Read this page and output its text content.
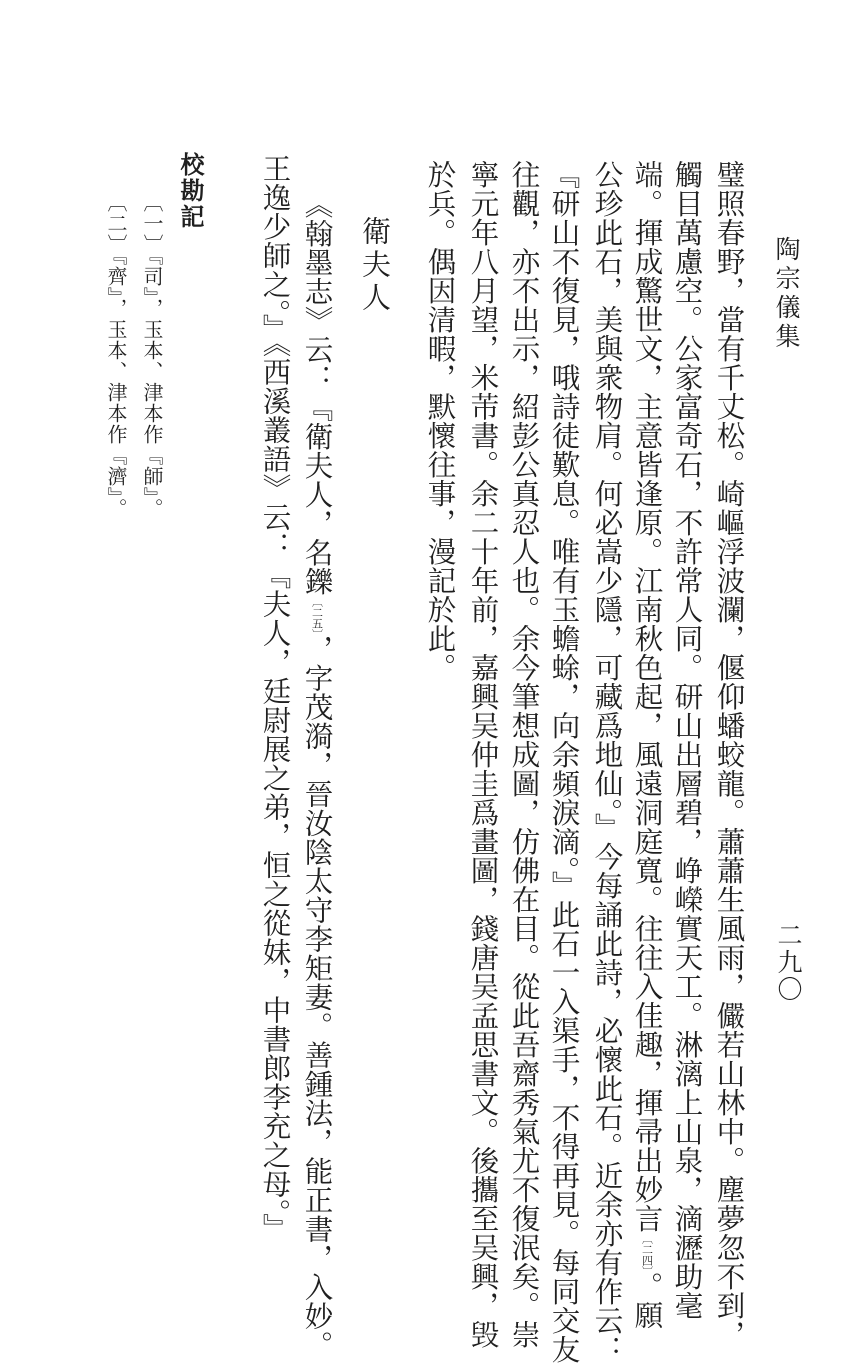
陶宗儀集
二九〇
璧照春野，當有千丈松。崎嶇浮波瀾，偃仰蟠蛟龍。蕭蕭生風雨，儼若山林中。塵夢忽不到，
觸目萬慮空。公家富奇石，不許常人同。研山出層碧，峥嶸實天工。淋漓上山泉，滴瀝助毫
端。揮成驚世文，主意皆逢原。江南秋色起，風遠洞庭寬。往往入佳趣，揮帚出妙言〔二四〕。願
公珍此石，美與衆物肩。何必嵩少隱，可藏爲地仙。』今每誦此詩，必懷此石。近余亦有作云：
『研山不復見，哦詩徒歎息。唯有玉蟾蜍，向余頻淚滴。』此石一入渠手，不得再見。每同交友
往觀，亦不出示，紹彭公真忍人也。余今筆想成圖，仿佛在目。從此吾齋秀氣尤不復泯矣。崇
寧元年八月望，米芾書。余二十年前，嘉興吴仲圭爲畫圖，錢唐吴孟思書文。後攜至吴興，毁
於兵。偶因清暇，默懷往事，漫記於此。
衛夫人
《翰墨志》云：『衛夫人，名鑠〔二五〕，字茂漪，晉汝陰太守李矩妻。善鍾法，能正書，入妙。
王逸少師之。』《西溪叢語》云：『夫人，廷尉展之弟，恒之從妹，中書郎李充之母。』
校勘記
〔一〕『司』，玉本、津本作『師』。
〔二〕『齊』，玉本、津本作『濟』。
